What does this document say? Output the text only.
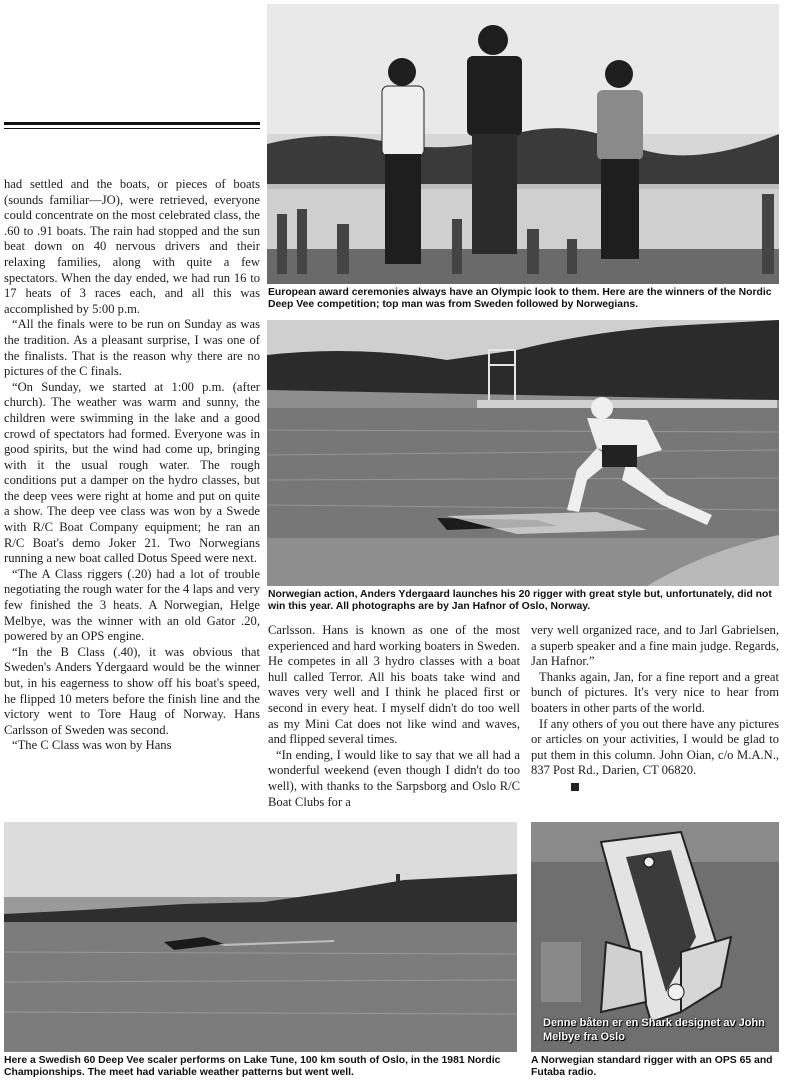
European award ceremonies always have an Olympic look to them. Here are the winners of the Nordic Deep Vee competition; top man was from Sweden followed by Norwegians.
Norwegian action, Anders Ydergaard launches his 20 rigger with great style but, unfortunately, did not win this year. All photographs are by Jan Hafnor of Oslo, Norway.

had settled and the boats, or pieces of boats (sounds familiar—JO), were retrieved, everyone could concentrate on the most celebrated class, the .60 to .91 boats. The rain had stopped and the sun beat down on 40 nervous drivers and their relaxing families, along with quite a few spectators. When the day ended, we had run 16 to 17 heats of 3 races each, and all this was accomplished by 5:00 p.m.

“All the finals were to be run on Sunday as was the tradition. As a pleasant surprise, I was one of the finalists. That is the reason why there are no pictures of the C finals.

“On Sunday, we started at 1:00 p.m. (after church). The weather was warm and sunny, the children were swimming in the lake and a good crowd of spectators had formed. Everyone was in good spirits, but the wind had come up, bringing with it the usual rough water. The rough conditions put a damper on the hydro classes, but the deep vees were right at home and put on quite a show. The deep vee class was won by a Swede with R/C Boat Company equipment; he ran an R/C Boat's demo Joker 21. Two Norwegians running a new boat called Dotus Speed were next.

“The A Class riggers (.20) had a lot of trouble negotiating the rough water for the 4 laps and very few finished the 3 heats. A Norwegian, Helge Melbye, was the winner with an old Gator .20, powered by an OPS engine.

“In the B Class (.40), it was obvious that Sweden's Anders Ydergaard would be the winner but, in his eagerness to show off his boat's speed, he flipped 10 meters before the finish line and the victory went to Tore Haug of Norway. Hans Carlsson of Sweden was second.

“The C Class was won by Hans

Carlsson. Hans is known as one of the most experienced and hard working boaters in Sweden. He competes in all 3 hydro classes with a boat hull called Terror. All his boats take wind and waves very well and I think he placed first or second in every heat. I myself didn't do too well as my Mini Cat does not like wind and waves, and flipped several times.

“In ending, I would like to say that we all had a wonderful weekend (even though I didn't do too well), with thanks to the Sarpsborg and Oslo R/C Boat Clubs for a

very well organized race, and to Jarl Gabrielsen, a superb speaker and a fine main judge. Regards, Jan Hafnor.”

Thanks again, Jan, for a fine report and a great bunch of pictures. It's very nice to hear from boaters in other parts of the world.

If any others of you out there have any pictures or articles on your activities, I would be glad to put them in this column. John Oian, c/o M.A.N., 837 Post Rd., Darien, CT 06820.

Here a Swedish 60 Deep Vee scaler performs on Lake Tune, 100 km south of Oslo, in the 1981 Nordic Championships. The meet had variable weather patterns but went well.
Denne båten er en Shark designet av John Melbye fra Oslo
A Norwegian standard rigger with an OPS 65 and Futaba radio.
